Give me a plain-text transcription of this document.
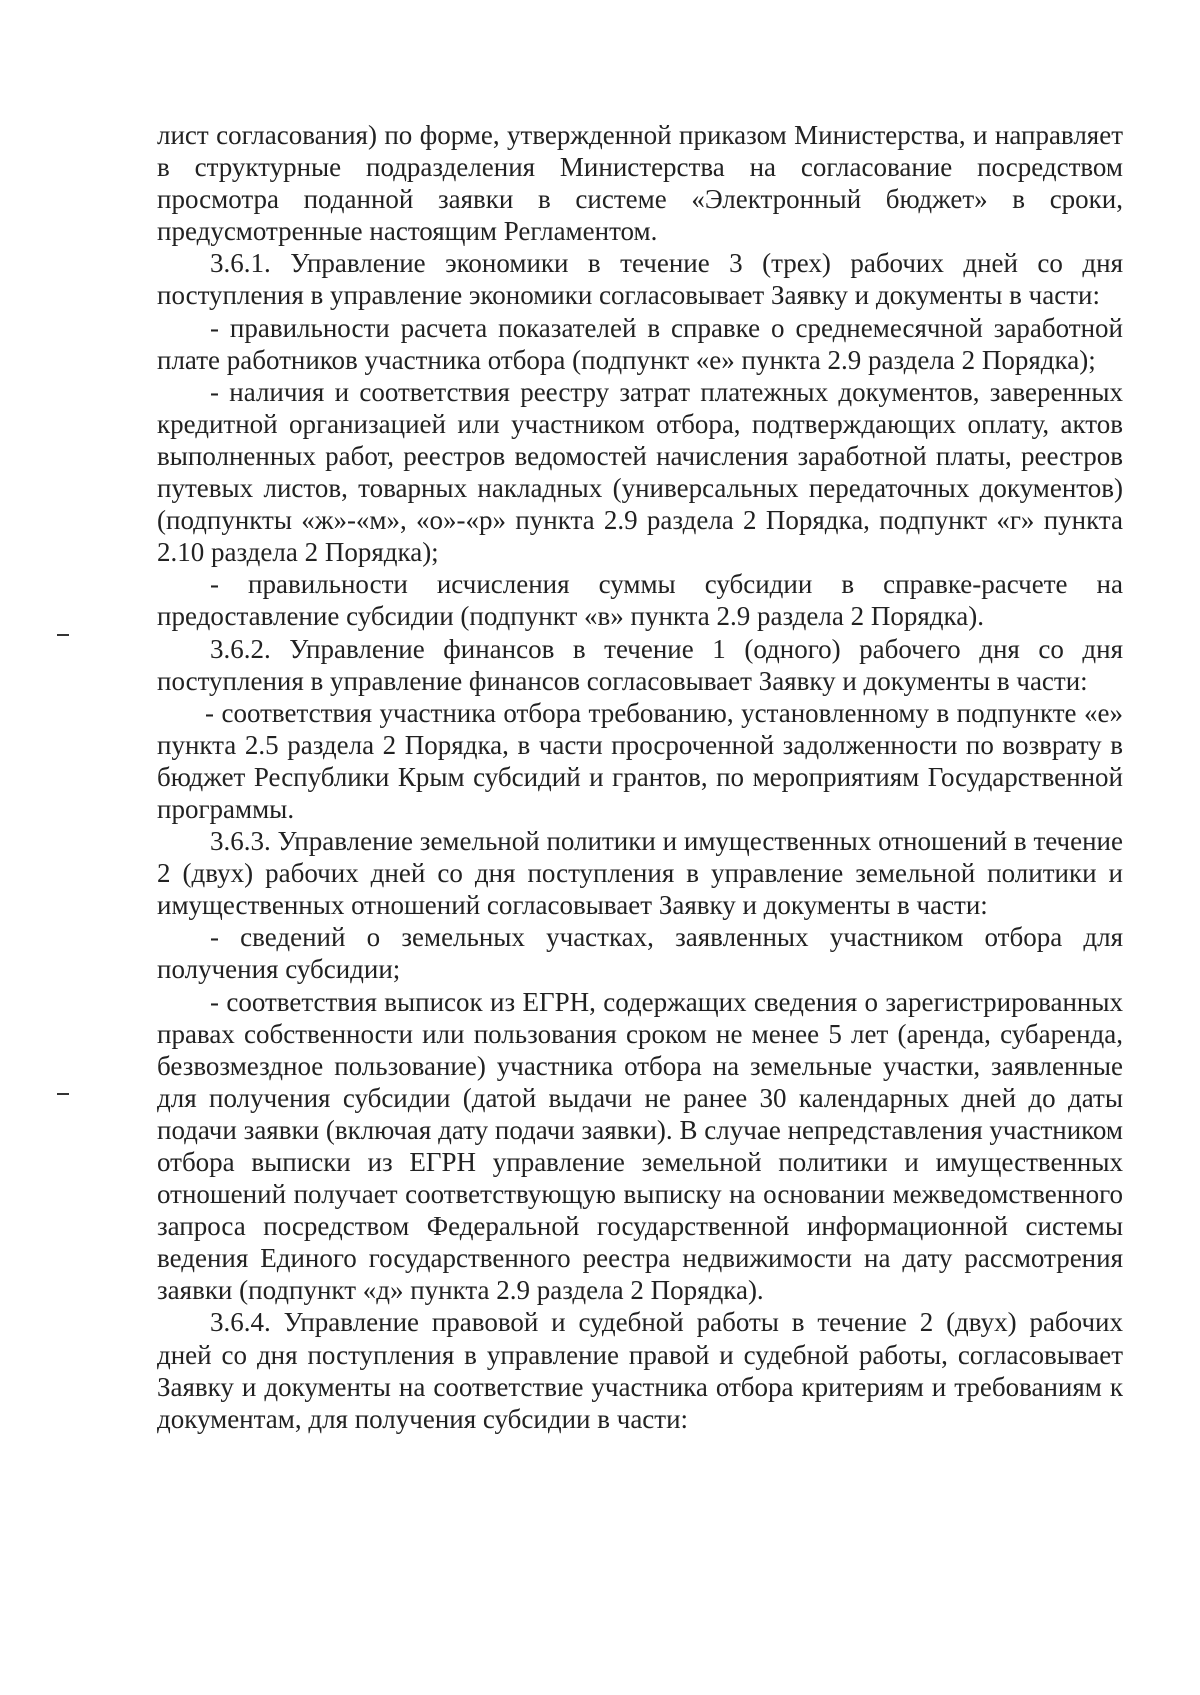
лист согласования) по форме, утвержденной приказом Министерства, и направляет в структурные подразделения Министерства на согласование посредством просмотра поданной заявки в системе «Электронный бюджет» в сроки, предусмотренные настоящим Регламентом.

3.6.1. Управление экономики в течение 3 (трех) рабочих дней со дня поступления в управление экономики согласовывает Заявку и документы в части:

- правильности расчета показателей в справке о среднемесячной заработной плате работников участника отбора (подпункт «е» пункта 2.9 раздела 2 Порядка);

- наличия и соответствия реестру затрат платежных документов, заверенных кредитной организацией или участником отбора, подтверждающих оплату, актов выполненных работ, реестров ведомостей начисления заработной платы, реестров путевых листов, товарных накладных (универсальных передаточных документов) (подпункты «ж»-«м», «о»-«р» пункта 2.9 раздела 2 Порядка, подпункт «г» пункта 2.10 раздела 2 Порядка);

- правильности исчисления суммы субсидии в справке-расчете на предоставление субсидии (подпункт «в» пункта 2.9 раздела 2 Порядка).

3.6.2. Управление финансов в течение 1 (одного) рабочего дня со дня поступления в управление финансов согласовывает Заявку и документы в части:

- соответствия участника отбора требованию, установленному в подпункте «е» пункта 2.5 раздела 2 Порядка, в части просроченной задолженности по возврату в бюджет Республики Крым субсидий и грантов, по мероприятиям Государственной программы.

3.6.3. Управление земельной политики и имущественных отношений в течение 2 (двух) рабочих дней со дня поступления в управление земельной политики и имущественных отношений согласовывает Заявку и документы в части:

- сведений о земельных участках, заявленных участником отбора для получения субсидии;

- соответствия выписок из ЕГРН, содержащих сведения о зарегистрированных правах собственности или пользования сроком не менее 5 лет (аренда, субаренда, безвозмездное пользование) участника отбора на земельные участки, заявленные для получения субсидии (датой выдачи не ранее 30 календарных дней до даты подачи заявки (включая дату подачи заявки). В случае непредставления участником отбора выписки из ЕГРН управление земельной политики и имущественных отношений получает соответствующую выписку на основании межведомственного запроса посредством Федеральной государственной информационной системы ведения Единого государственного реестра недвижимости на дату рассмотрения заявки (подпункт «д» пункта 2.9 раздела 2 Порядка).

3.6.4. Управление правовой и судебной работы в течение 2 (двух) рабочих дней со дня поступления в управление правой и судебной работы, согласовывает Заявку и документы на соответствие участника отбора критериям и требованиям к документам, для получения субсидии в части:
